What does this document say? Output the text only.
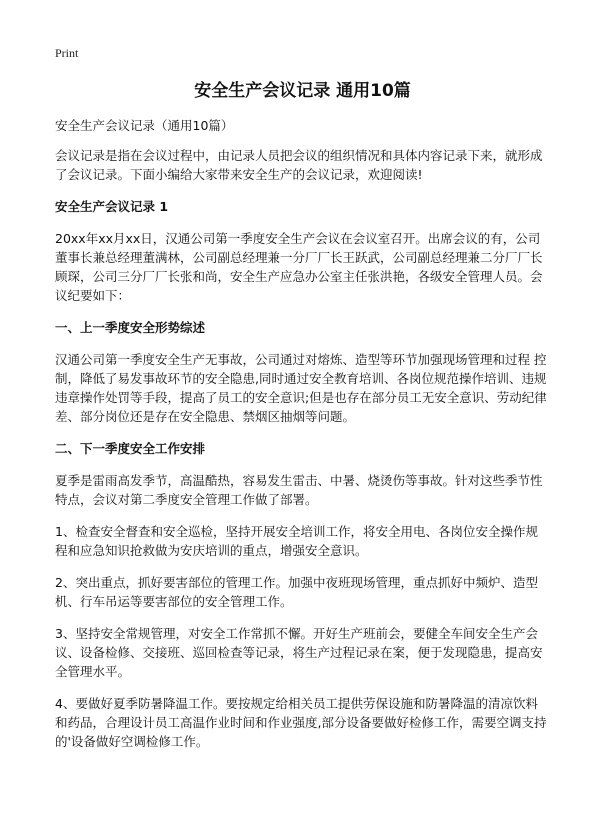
Print
安全生产会议记录 通用10篇
安全生产会议记录（通用10篇）
会议记录是指在会议过程中，由记录人员把会议的组织情况和具体内容记录下来，就形成了会议记录。下面小编给大家带来安全生产的会议记录，欢迎阅读!
安全生产会议记录 1
20xx年xx月xx日，汉通公司第一季度安全生产会议在会议室召开。出席会议的有，公司董事长兼总经理董满林，公司副总经理兼一分厂厂长王跃武，公司副总经理兼二分厂厂长顾琛，公司三分厂厂长张和尚，安全生产应急办公室主任张洪艳，各级安全管理人员。会议纪要如下：
一、上一季度安全形势综述
汉通公司第一季度安全生产无事故，公司通过对熔炼、造型等环节加强现场管理和过程 控制，降低了易发事故环节的安全隐患,同时通过安全教育培训、各岗位规范操作培训、违规违章操作处罚等手段，提高了员工的安全意识;但是也存在部分员工无安全意识、劳动纪律差、部分岗位还是存在安全隐患、禁烟区抽烟等问题。
二、下一季度安全工作安排
夏季是雷雨高发季节，高温酷热，容易发生雷击、中暑、烧烫伤等事故。针对这些季节性特点，会议对第二季度安全管理工作做了部署。
1、检查安全督查和安全巡检，坚持开展安全培训工作，将安全用电、各岗位安全操作规程和应急知识抢救做为安庆培训的重点，增强安全意识。
2、突出重点，抓好要害部位的管理工作。加强中夜班现场管理，重点抓好中频炉、造型机、行车吊运等要害部位的安全管理工作。
3、坚持安全常规管理，对安全工作常抓不懈。开好生产班前会，要健全车间安全生产会议、设备检修、交接班、巡回检查等记录，将生产过程记录在案，便于发现隐患，提高安全管理水平。
4、要做好夏季防暑降温工作。要按规定给相关员工提供劳保设施和防暑降温的清凉饮料和药品，合理设计员工高温作业时间和作业强度,部分设备要做好检修工作，需要空调支持的'设备做好空调检修工作。
